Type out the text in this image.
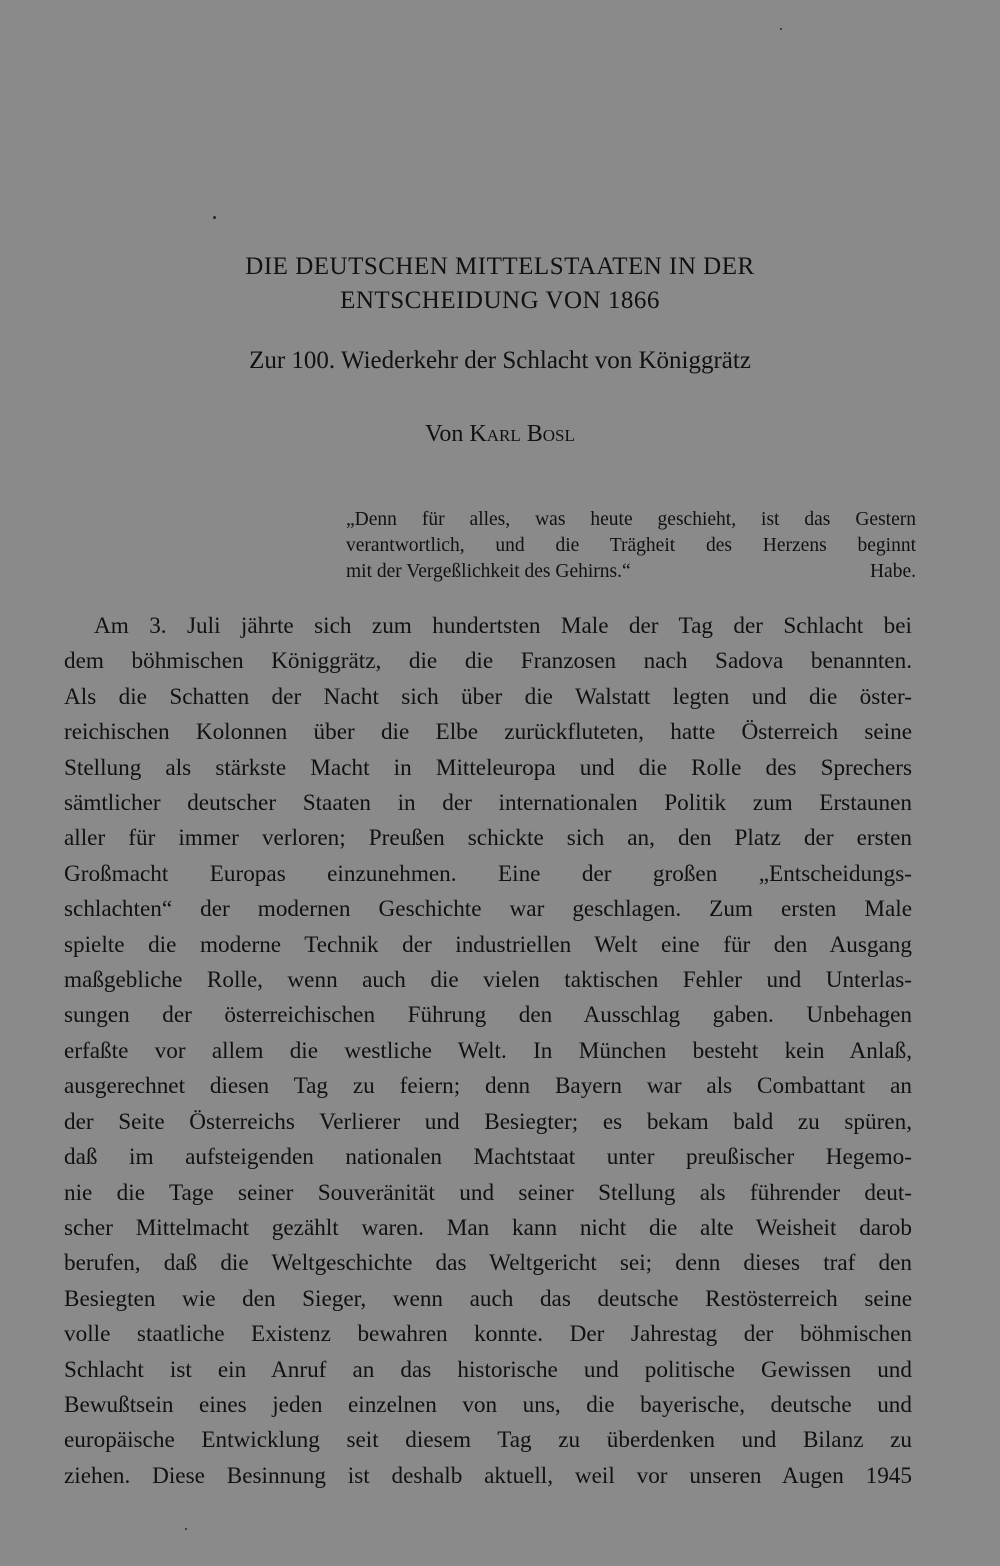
DIE DEUTSCHEN MITTELSTAATEN IN DER
ENTSCHEIDUNG VON 1866
Zur 100. Wiederkehr der Schlacht von Königgrätz
Von Karl Bosl
„Denn für alles, was heute geschieht, ist das Gestern
verantwortlich, und die Trägheit des Herzens beginnt
mit der Vergeßlichkeit des Gehirns.“	Habe.
Am 3. Juli jährte sich zum hundertsten Male der Tag der Schlacht bei
dem böhmischen Königgrätz, die die Franzosen nach Sadova benannten.
Als die Schatten der Nacht sich über die Walstatt legten und die öster-
reichischen Kolonnen über die Elbe zurückfluteten, hatte Österreich seine
Stellung als stärkste Macht in Mitteleuropa und die Rolle des Sprechers
sämtlicher deutscher Staaten in der internationalen Politik zum Erstaunen
aller für immer verloren; Preußen schickte sich an, den Platz der ersten
Großmacht Europas einzunehmen. Eine der großen „Entscheidungs-
schlachten“ der modernen Geschichte war geschlagen. Zum ersten Male
spielte die moderne Technik der industriellen Welt eine für den Ausgang
maßgebliche Rolle, wenn auch die vielen taktischen Fehler und Unterlas-
sungen der österreichischen Führung den Ausschlag gaben. Unbehagen
erfaßte vor allem die westliche Welt. In München besteht kein Anlaß,
ausgerechnet diesen Tag zu feiern; denn Bayern war als Combattant an
der Seite Österreichs Verlierer und Besiegter; es bekam bald zu spüren,
daß im aufsteigenden nationalen Machtstaat unter preußischer Hegemo-
nie die Tage seiner Souveränität und seiner Stellung als führender deut-
scher Mittelmacht gezählt waren. Man kann nicht die alte Weisheit darob
berufen, daß die Weltgeschichte das Weltgericht sei; denn dieses traf den
Besiegten wie den Sieger, wenn auch das deutsche Restösterreich seine
volle staatliche Existenz bewahren konnte. Der Jahrestag der böhmischen
Schlacht ist ein Anruf an das historische und politische Gewissen und
Bewußtsein eines jeden einzelnen von uns, die bayerische, deutsche und
europäische Entwicklung seit diesem Tag zu überdenken und Bilanz zu
ziehen. Diese Besinnung ist deshalb aktuell, weil vor unseren Augen 1945
